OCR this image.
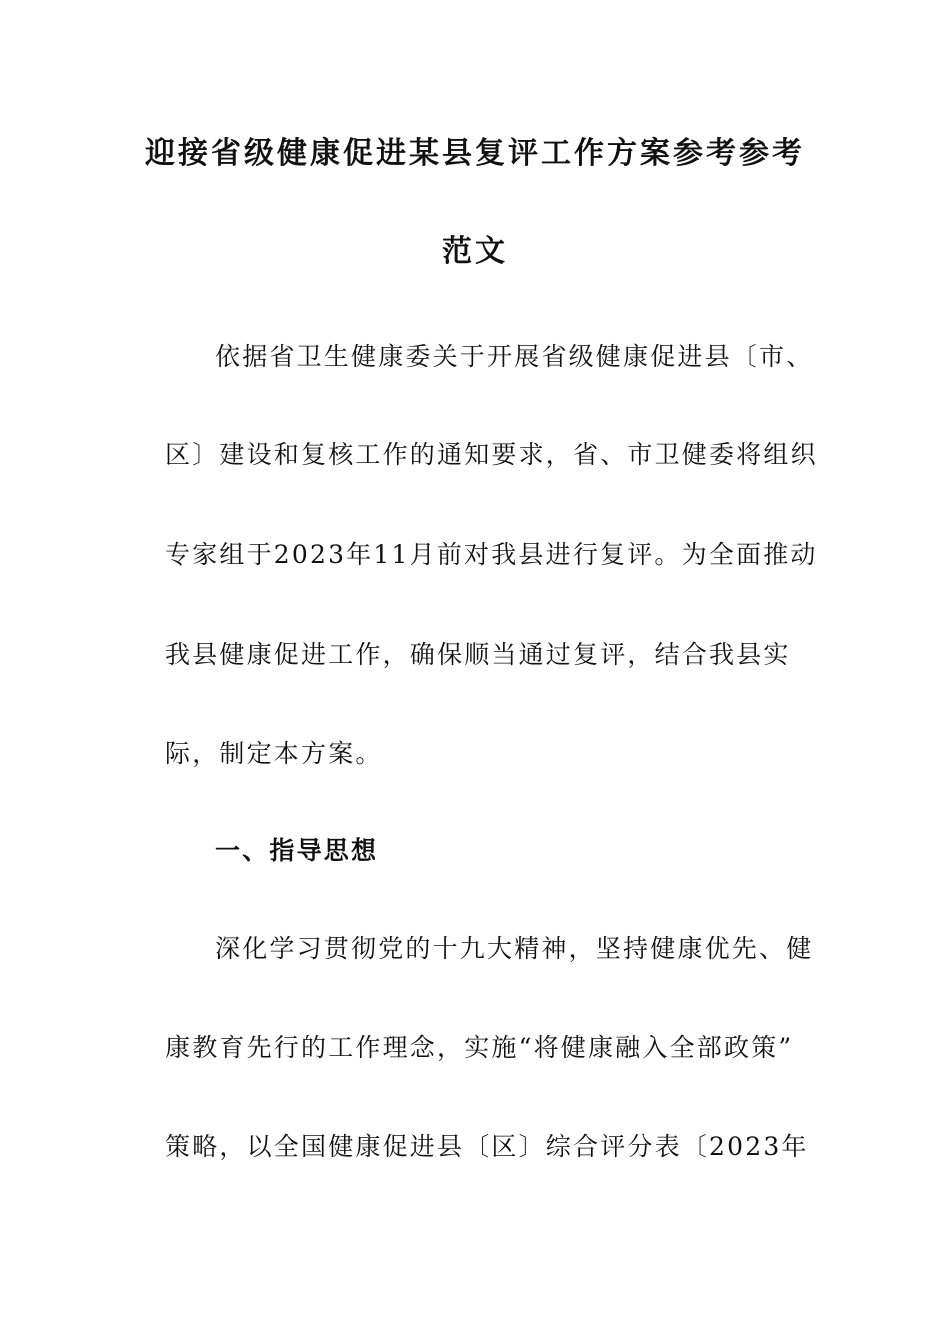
迎接省级健康促进某县复评工作方案参考参考
范文
依据省卫生健康委关于开展省级健康促进县〔市、
区〕建设和复核工作的通知要求，省、市卫健委将组织
专家组于2023年11月前对我县进行复评。为全面推动
我县健康促进工作，确保顺当通过复评，结合我县实
际，制定本方案。
一、指导思想
深化学习贯彻党的十九大精神，坚持健康优先、健
康教育先行的工作理念，实施“将健康融入全部政策”
策略，以全国健康促进县〔区〕综合评分表〔2023年
